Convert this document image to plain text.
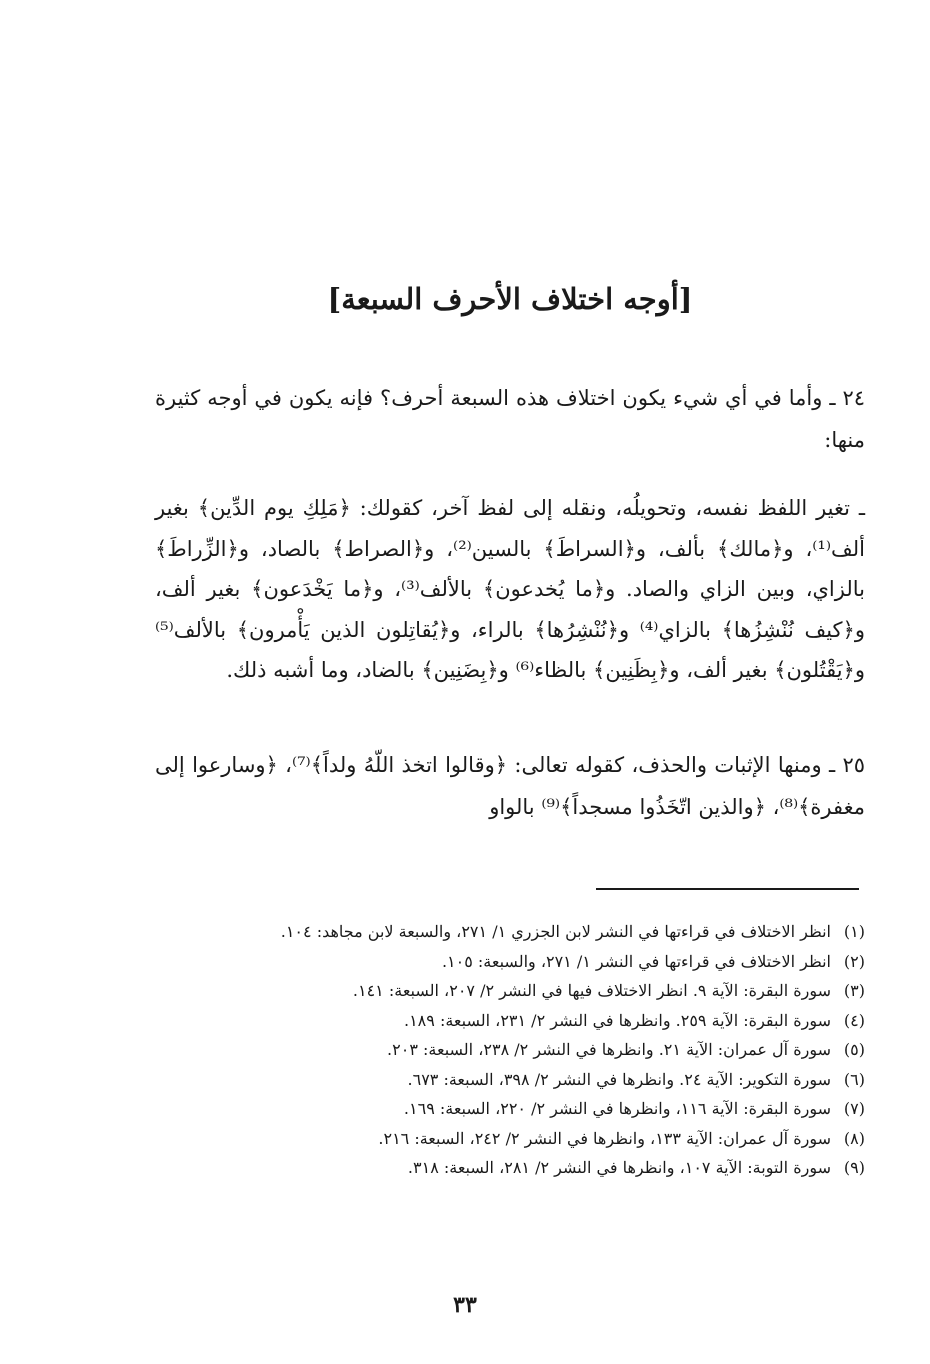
[أوجه اختلاف الأحرف السبعة]

٢٤ ـ وأما في أي شيء يكون اختلاف هذه السبعة أحرف؟ فإنه يكون في أوجه كثيرة منها:

ـ تغير اللفظ نفسه، وتحويلُه، ونقله إلى لفظ آخر، كقولك: ﴿مَلِكِ يوم الدِّين﴾ بغير ألف⁽¹⁾، و﴿مالك﴾ بألف، و﴿السراطَ﴾ بالسين⁽²⁾، و﴿الصراط﴾ بالصاد، و﴿الزِّراطَ﴾ بالزاي، وبين الزاي والصاد. و﴿ما يُخدعون﴾ بالألف⁽³⁾، و﴿ما يَخْدَعون﴾ بغير ألف، و﴿كيف نُنْشِزُها﴾ بالزاي⁽⁴⁾ و﴿نُنْشِرُها﴾ بالراء، و﴿يُقاتِلون الذين يَأْمرون﴾ بالألف⁽⁵⁾ و﴿يَقْتُلون﴾ بغير ألف، و﴿بِظَنِين﴾ بالظاء⁽⁶⁾ و﴿بِضَنِين﴾ بالضاد، وما أشبه ذلك.

٢٥ ـ ومنها الإثبات والحذف، كقوله تعالى: ﴿وقالوا اتخذ اللّهُ ولداً﴾⁽⁷⁾، ﴿وسارعوا إلى مغفرة﴾⁽⁸⁾، ﴿والذين اتّخَذُوا مسجداً﴾⁽⁹⁾ بالواو

(١)
انظر الاختلاف في قراءتها في النشر لابن الجزري ١/ ٢٧١، والسبعة لابن مجاهد: ١٠٤.
(٢)
انظر الاختلاف في قراءتها في النشر ١/ ٢٧١، والسبعة: ١٠٥.
(٣)
سورة البقرة: الآية ٩. انظر الاختلاف فيها في النشر ٢/ ٢٠٧، السبعة: ١٤١.
(٤)
سورة البقرة: الآية ٢٥٩. وانظرها في النشر ٢/ ٢٣١، السبعة: ١٨٩.
(٥)
سورة آل عمران: الآية ٢١. وانظرها في النشر ٢/ ٢٣٨، السبعة: ٢٠٣.
(٦)
سورة التكوير: الآية ٢٤. وانظرها في النشر ٢/ ٣٩٨، السبعة: ٦٧٣.
(٧)
سورة البقرة: الآية ١١٦، وانظرها في النشر ٢/ ٢٢٠، السبعة: ١٦٩.
(٨)
سورة آل عمران: الآية ١٣٣، وانظرها في النشر ٢/ ٢٤٢، السبعة: ٢١٦.
(٩)
سورة التوبة: الآية ١٠٧، وانظرها في النشر ٢/ ٢٨١، السبعة: ٣١٨.
٣٣
